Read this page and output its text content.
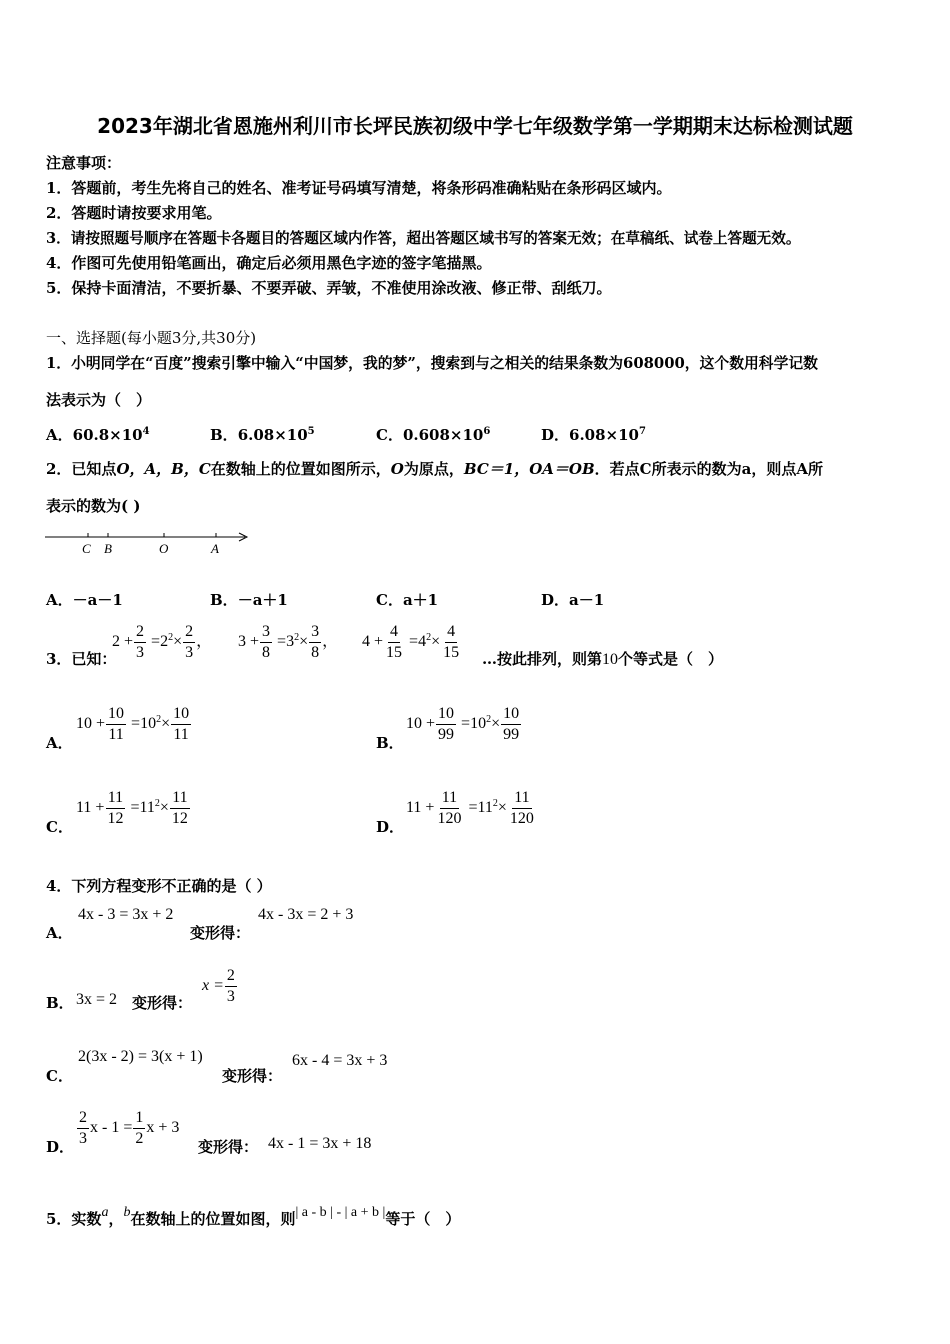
2023年湖北省恩施州利川市长坪民族初级中学七年级数学第一学期期末达标检测试题
注意事项：
1．答题前，考生先将自己的姓名、准考证号码填写清楚，将条形码准确粘贴在条形码区域内。
2．答题时请按要求用笔。
3．请按照题号顺序在答题卡各题目的答题区域内作答，超出答题区域书写的答案无效；在草稿纸、试卷上答题无效。
4．作图可先使用铅笔画出，确定后必须用黑色字迹的签字笔描黑。
5．保持卡面清洁，不要折暴、不要弄破、弄皱，不准使用涂改液、修正带、刮纸刀。
一、选择题(每小题3分,共30分)
1．小明同学在“百度”搜索引擎中输入“中国梦，我的梦”，搜索到与之相关的结果条数为608000，这个数用科学记数
法表示为（　）
A．$60.8\times 10^4$	B．$6.08\times 10^5$	C．$0.608\times 10^6$	D．$6.08\times 10^7$
2．已知点O，A，B，C在数轴上的位置如图所示，O为原点，BC＝1，OA＝OB．若点C所表示的数为a，则点A所
表示的数为( )
C B	O	A
A．－a－1	B．－a＋1	C．a＋1	D．a－1
3．已知：
$2 + \frac{2}{3} =2^2\times \frac{2}{3}$ ， $3 + \frac{3}{8} =3^2\times \frac{3}{8}$ ， $4 + \frac{4}{15} =4^2\times \frac{4}{15}$ …按此排列，则第10个等式是（　）
A．
$10 + \frac{10}{11} =10^2\times \frac{10}{11}$	B．
$10 + \frac{10}{99} =10^2\times \frac{10}{99}$
C．
$11 + \frac{11}{12} =11^2\times \frac{11}{12}$	D．
$11 + \frac{11}{120} =11^2\times \frac{11}{120}$
4．下列方程变形不正确的是（ ）
A．
4x - 3 = 3x + 2
变形得：
4x - 3x = 2 + 3
B． 3x = 2 变形得：
$x = \frac{2}{3}$
C．
2(3x - 2) = 3(x + 1)
变形得：
6x - 4 = 3x + 3
D． $\frac{2}{3}$ $x - 1 = \frac{1}{2}$ x + 3
变形得： 4x - 1 = 3x + 18
5．实数a，b在数轴上的位置如图，则| a - b | - | a + b |等于（　）
